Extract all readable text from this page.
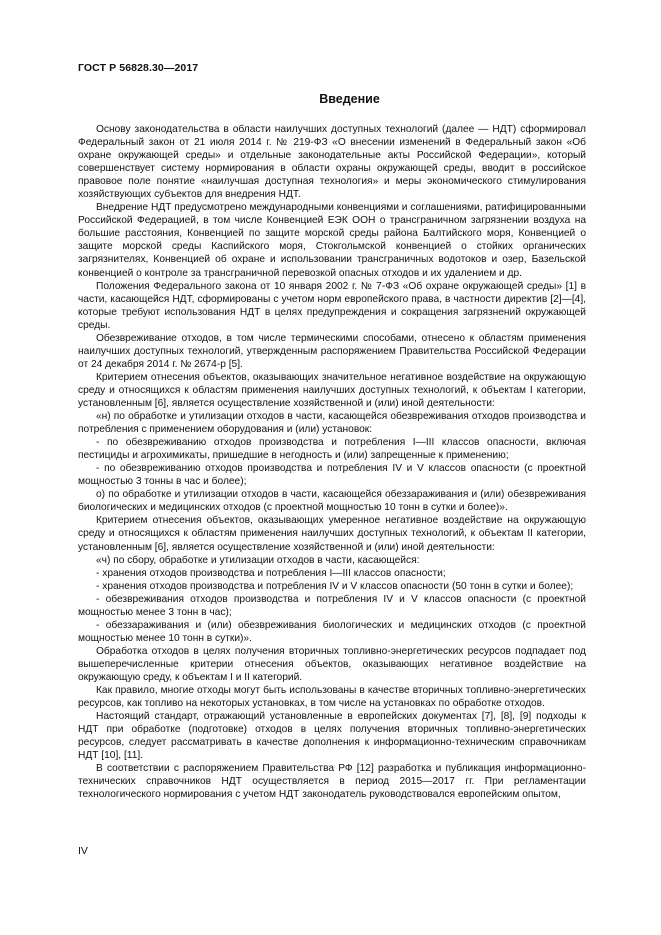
ГОСТ Р 56828.30—2017
Введение

Основу законодательства в области наилучших доступных технологий (далее — НДТ) сформировал Федеральный закон от 21 июля 2014 г. № 219-ФЗ «О внесении изменений в Федеральный закон «Об охране окружающей среды» и отдельные законодательные акты Российской Федерации», который совершенствует систему нормирования в области охраны окружающей среды, вводит в российское правовое поле понятие «наилучшая доступная технология» и меры экономического стимулирования хозяйствующих субъектов для внедрения НДТ.

Внедрение НДТ предусмотрено международными конвенциями и соглашениями, ратифицированными Российской Федерацией, в том числе Конвенцией ЕЭК ООН о трансграничном загрязнении воздуха на большие расстояния, Конвенцией по защите морской среды района Балтийского моря, Конвенцией о защите морской среды Каспийского моря, Стокгольмской конвенцией о стойких органических загрязнителях, Конвенцией об охране и использовании трансграничных водотоков и озер, Базельской конвенцией о контроле за трансграничной перевозкой опасных отходов и их удалением и др.

Положения Федерального закона от 10 января 2002 г. № 7-ФЗ «Об охране окружающей среды» [1] в части, касающейся НДТ, сформированы с учетом норм европейского права, в частности директив [2]—[4], которые требуют использования НДТ в целях предупреждения и сокращения загрязнений окружающей среды.

Обезвреживание отходов, в том числе термическими способами, отнесено к областям применения наилучших доступных технологий, утвержденным распоряжением Правительства Российской Федерации от 24 декабря 2014 г. № 2674-р [5].

Критерием отнесения объектов, оказывающих значительное негативное воздействие на окружающую среду и относящихся к областям применения наилучших доступных технологий, к объектам I категории, установленным [6], является осуществление хозяйственной и (или) иной деятельности:

«н) по обработке и утилизации отходов в части, касающейся обезвреживания отходов производства и потребления с применением оборудования и (или) установок:

- по обезвреживанию отходов производства и потребления I—III классов опасности, включая пестициды и агрохимикаты, пришедшие в негодность и (или) запрещенные к применению;

- по обезвреживанию отходов производства и потребления IV и V классов опасности (с проектной мощностью 3 тонны в час и более);

о) по обработке и утилизации отходов в части, касающейся обеззараживания и (или) обезвреживания биологических и медицинских отходов (с проектной мощностью 10 тонн в сутки и более)».

Критерием отнесения объектов, оказывающих умеренное негативное воздействие на окружающую среду и относящихся к областям применения наилучших доступных технологий, к объектам II категории, установленным [6], является осуществление хозяйственной и (или) иной деятельности:

«ч) по сбору, обработке и утилизации отходов в части, касающейся:

- хранения отходов производства и потребления I—III классов опасности;

- хранения отходов производства и потребления IV и V классов опасности (50 тонн в сутки и более);

- обезвреживания отходов производства и потребления IV и V классов опасности (с проектной мощностью менее 3 тонн в час);

- обеззараживания и (или) обезвреживания биологических и медицинских отходов (с проектной мощностью менее 10 тонн в сутки)».

Обработка отходов в целях получения вторичных топливно-энергетических ресурсов подпадает под вышеперечисленные критерии отнесения объектов, оказывающих негативное воздействие на окружающую среду, к объектам I и II категорий.

Как правило, многие отходы могут быть использованы в качестве вторичных топливно-энергетических ресурсов, как топливо на некоторых установках, в том числе на установках по обработке отходов.

Настоящий стандарт, отражающий установленные в европейских документах [7], [8], [9] подходы к НДТ при обработке (подготовке) отходов в целях получения вторичных топливно-энергетических ресурсов, следует рассматривать в качестве дополнения к информационно-техническим справочникам НДТ [10], [11].

В соответствии с распоряжением Правительства РФ [12] разработка и публикация информационно-технических справочников НДТ осуществляется в период 2015—2017 гг. При регламентации технологического нормирования с учетом НДТ законодатель руководствовался европейским опытом,

IV
